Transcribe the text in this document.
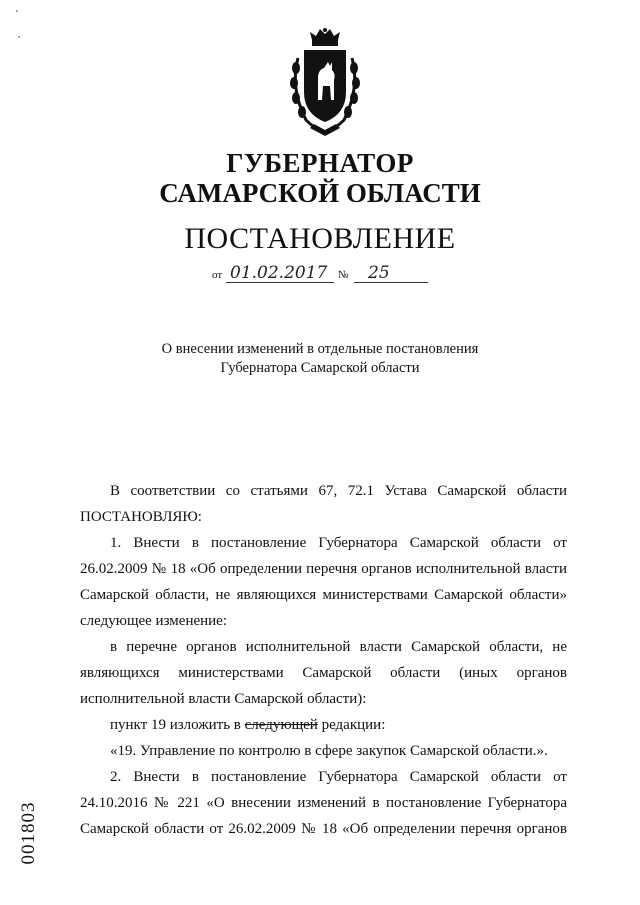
ГУБЕРНАТОР
САМАРСКОЙ ОБЛАСТИ
ПОСТАНОВЛЕНИЕ
от 01.02.2017 № 25
О внесении изменений в отдельные постановления
Губернатора Самарской области
В соответствии со статьями 67, 72.1 Устава Самарской области
ПОСТАНОВЛЯЮ:
1. Внести в постановление Губернатора Самарской области от
26.02.2009 № 18 «Об определении перечня органов исполнительной власти
Самарской области, не являющихся министерствами Самарской области»
следующее изменение:
в перечне органов исполнительной власти Самарской области, не
являющихся министерствами Самарской области (иных органов
исполнительной власти Самарской области):
пункт 19 изложить в следующей редакции:
«19. Управление по контролю в сфере закупок Самарской области.».
2. Внести в постановление Губернатора Самарской области от
24.10.2016 № 221 «О внесении изменений в постановление Губернатора
Самарской области от 26.02.2009 № 18 «Об определении перечня органов
001803
